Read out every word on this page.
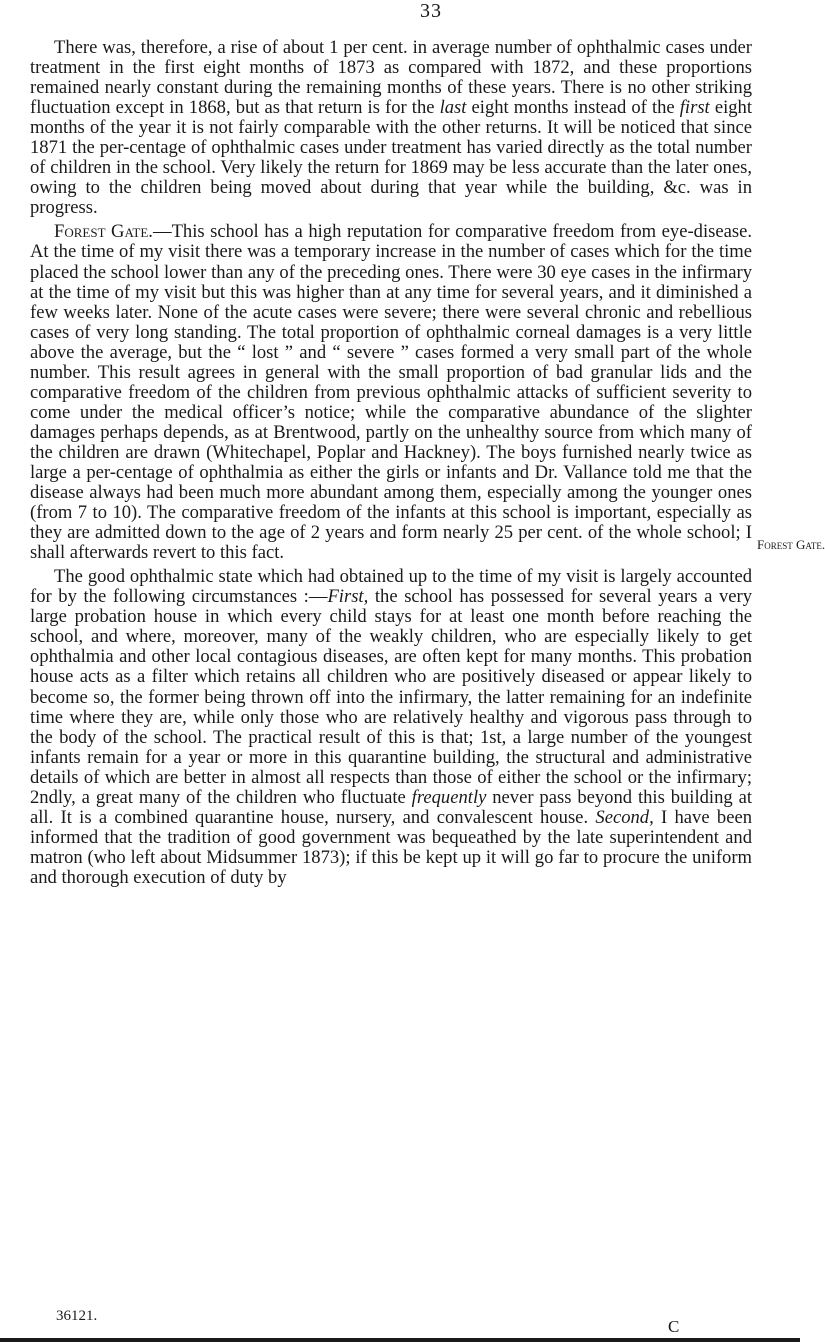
33

There was, therefore, a rise of about 1 per cent. in average number of ophthalmic cases under treatment in the first eight months of 1873 as compared with 1872, and these proportions remained nearly constant during the remaining months of these years. There is no other striking fluctuation except in 1868, but as that return is for the last eight months instead of the first eight months of the year it is not fairly comparable with the other returns. It will be noticed that since 1871 the per-centage of ophthalmic cases under treatment has varied directly as the total number of children in the school. Very likely the return for 1869 may be less accurate than the later ones, owing to the children being moved about during that year while the building, &c. was in progress.

Forest Gate.—This school has a high reputation for comparative freedom from eye-disease. At the time of my visit there was a temporary increase in the number of cases which for the time placed the school lower than any of the preceding ones. There were 30 eye cases in the infirmary at the time of my visit but this was higher than at any time for several years, and it diminished a few weeks later. None of the acute cases were severe; there were several chronic and rebellious cases of very long standing. The total proportion of ophthalmic corneal damages is a very little above the average, but the “ lost ” and “ severe ” cases formed a very small part of the whole number. This result agrees in general with the small proportion of bad granular lids and the comparative freedom of the children from previous ophthalmic attacks of sufficient severity to come under the medical officer’s notice; while the comparative abundance of the slighter damages perhaps depends, as at Brentwood, partly on the unhealthy source from which many of the children are drawn (Whitechapel, Poplar and Hackney). The boys furnished nearly twice as large a per-centage of ophthalmia as either the girls or infants and Dr. Vallance told me that the disease always had been much more abundant among them, especially among the younger ones (from 7 to 10). The comparative freedom of the infants at this school is important, especially as they are admitted down to the age of 2 years and form nearly 25 per cent. of the whole school; I shall afterwards revert to this fact.

The good ophthalmic state which had obtained up to the time of my visit is largely accounted for by the following circumstances :—First, the school has possessed for several years a very large probation house in which every child stays for at least one month before reaching the school, and where, moreover, many of the weakly children, who are especially likely to get ophthalmia and other local contagious diseases, are often kept for many months. This probation house acts as a filter which retains all children who are positively diseased or appear likely to become so, the former being thrown off into the infirmary, the latter remaining for an indefinite time where they are, while only those who are relatively healthy and vigorous pass through to the body of the school. The practical result of this is that; 1st, a large number of the youngest infants remain for a year or more in this quarantine building, the structural and administrative details of which are better in almost all respects than those of either the school or the infirmary; 2ndly, a great many of the children who fluctuate frequently never pass beyond this building at all. It is a combined quarantine house, nursery, and convalescent house. Second, I have been informed that the tradition of good government was bequeathed by the late superintendent and matron (who left about Midsummer 1873); if this be kept up it will go far to procure the uniform and thorough execution of duty by

Forest Gate.
36121.
C
